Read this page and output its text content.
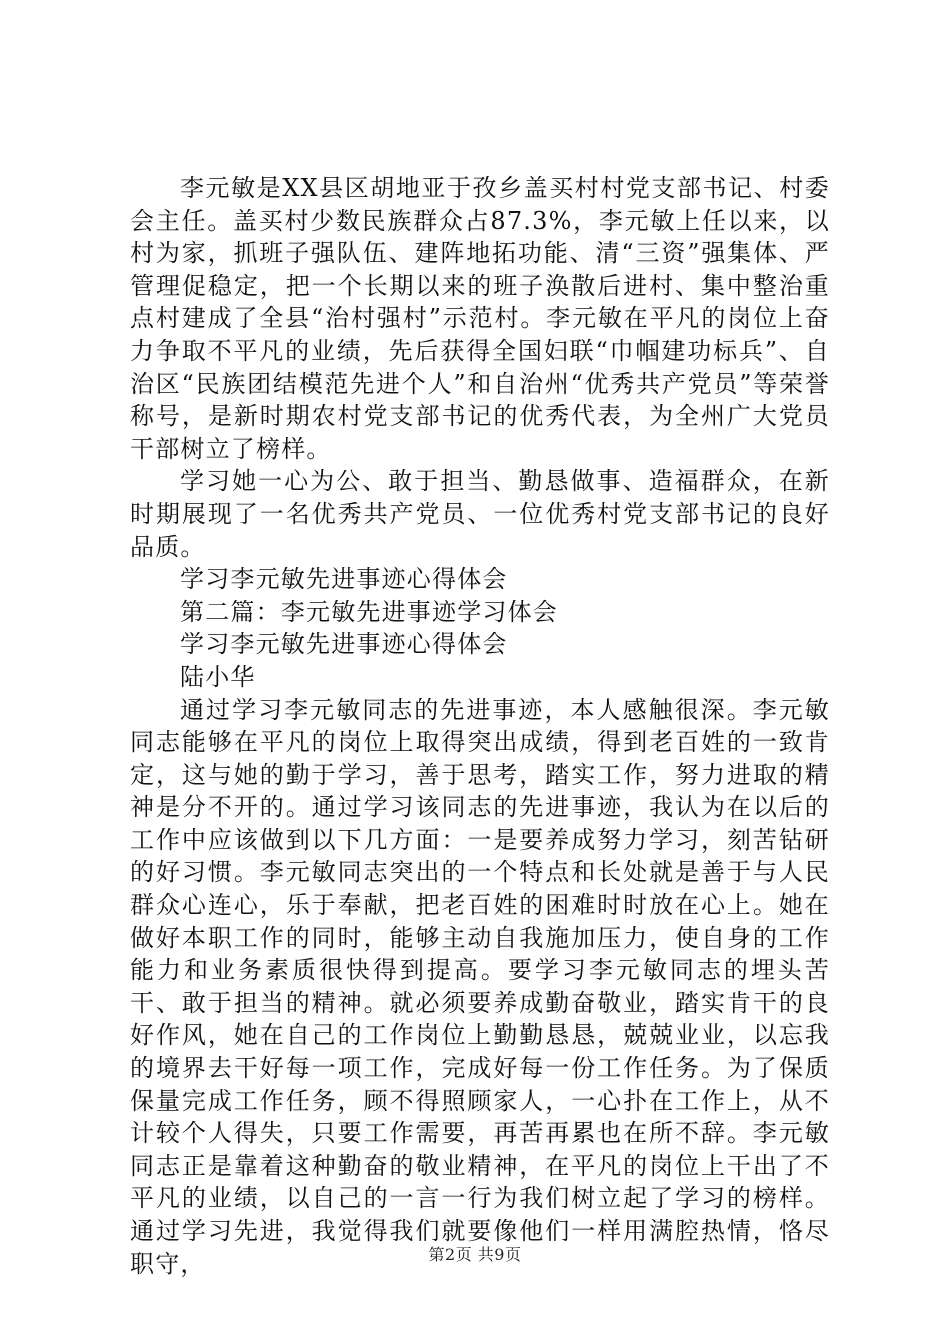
李元敏是XX县区胡地亚于孜乡盖买村村党支部书记、村委会主任。盖买村少数民族群众占87.3%，李元敏上任以来，以村为家，抓班子强队伍、建阵地拓功能、清“三资”强集体、严管理促稳定，把一个长期以来的班子涣散后进村、集中整治重点村建成了全县“治村强村”示范村。李元敏在平凡的岗位上奋力争取不平凡的业绩，先后获得全国妇联“巾帼建功标兵”、自治区“民族团结模范先进个人”和自治州“优秀共产党员”等荣誉称号，是新时期农村党支部书记的优秀代表，为全州广大党员干部树立了榜样。

学习她一心为公、敢于担当、勤恳做事、造福群众，在新时期展现了一名优秀共产党员、一位优秀村党支部书记的良好品质。

学习李元敏先进事迹心得体会

第二篇：李元敏先进事迹学习体会

学习李元敏先进事迹心得体会

陆小华

通过学习李元敏同志的先进事迹，本人感触很深。李元敏同志能够在平凡的岗位上取得突出成绩，得到老百姓的一致肯定，这与她的勤于学习，善于思考，踏实工作，努力进取的精神是分不开的。通过学习该同志的先进事迹，我认为在以后的工作中应该做到以下几方面：一是要养成努力学习，刻苦钻研的好习惯。李元敏同志突出的一个特点和长处就是善于与人民群众心连心，乐于奉献，把老百姓的困难时时放在心上。她在做好本职工作的同时，能够主动自我施加压力，使自身的工作能力和业务素质很快得到提高。要学习李元敏同志的埋头苦干、敢于担当的精神。就必须要养成勤奋敬业，踏实肯干的良好作风，她在自己的工作岗位上勤勤恳恳，兢兢业业，以忘我的境界去干好每一项工作，完成好每一份工作任务。为了保质保量完成工作任务，顾不得照顾家人，一心扑在工作上，从不计较个人得失，只要工作需要，再苦再累也在所不辞。李元敏同志正是靠着这种勤奋的敬业精神，在平凡的岗位上干出了不平凡的业绩，以自己的一言一行为我们树立起了学习的榜样。通过学习先进，我觉得我们就要像他们一样用满腔热情，恪尽职守，	第2页 共9页
